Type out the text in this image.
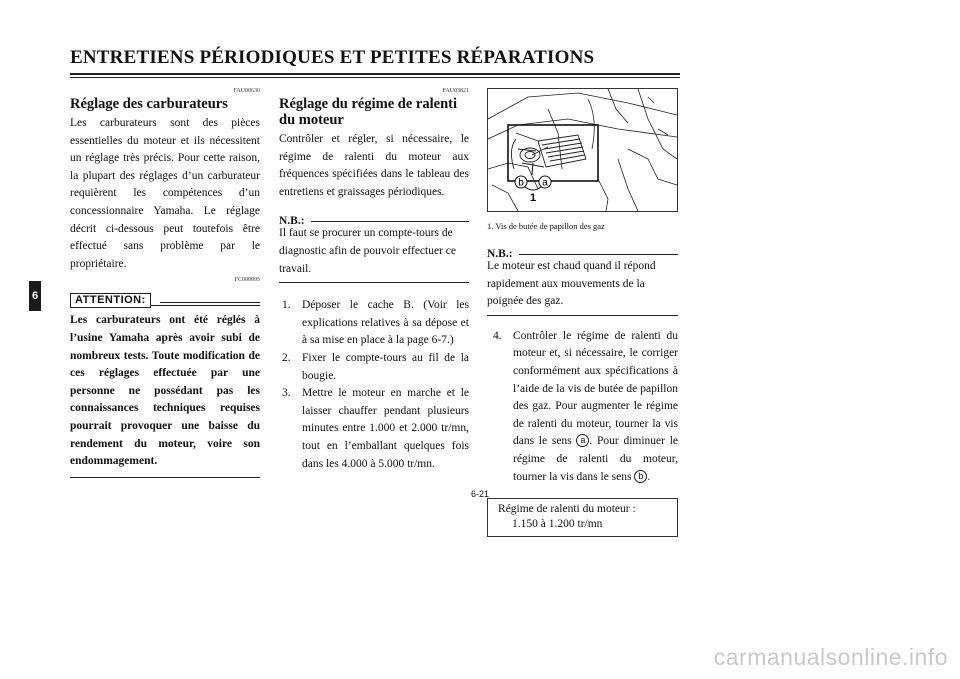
ENTRETIENS PÉRIODIQUES ET PETITES RÉPARATIONS
6

FAU00630

Réglage des carburateurs

Les carburateurs sont des pièces essentielles du moteur et ils nécessitent un réglage très précis. Pour cette raison, la plupart des réglages d’un carburateur requièrent les compétences d’un concessionnaire Yamaha. Le réglage décrit ci-dessous peut toutefois être effectué sans problème par le propriétaire.

FC000095

ATTENTION:

Les carburateurs ont été réglés à l’usine Yamaha après avoir subi de nombreux tests. Toute modification de ces réglages effectuée par une personne ne possédant pas les connaissances techniques requises pourrait provoquer une baisse du rendement du moteur, voire son endommagement.

FAU03821

Réglage du régime de ralenti du moteur

Contrôler et régler, si nécessaire, le régime de ralenti du moteur aux fréquences spécifiées dans le tableau des entretiens et graissages périodiques.

N.B.:

Il faut se procurer un compte-tours de diagnostic afin de pouvoir effectuer ce travail.

1. Déposer le cache B. (Voir les explications relatives à sa dépose et à sa mise en place à la page 6-7.)
2. Fixer le compte-tours au fil de la bougie.
3. Mettre le moteur en marche et le laisser chauffer pendant plusieurs minutes entre 1.000 et 2.000 tr/mn, tout en l’emballant quelques fois dans les 4.000 à 5.000 tr/mn.
b a
1
1. Vis de butée de papillon des gaz
N.B.:

Le moteur est chaud quand il répond rapidement aux mouvements de la poignée des gaz.

4. Contrôler le régime de ralenti du moteur et, si nécessaire, le corriger conformément aux spécifications à l’aide de la vis de butée de papillon des gaz. Pour augmenter le régime de ralenti du moteur, tourner la vis dans le sens a . Pour diminuer le régime de ralenti du moteur, tourner la vis dans le sens b .
Régime de ralenti du moteur :
1.150 à 1.200 tr/mn
6-21
carmanualsonline.info
